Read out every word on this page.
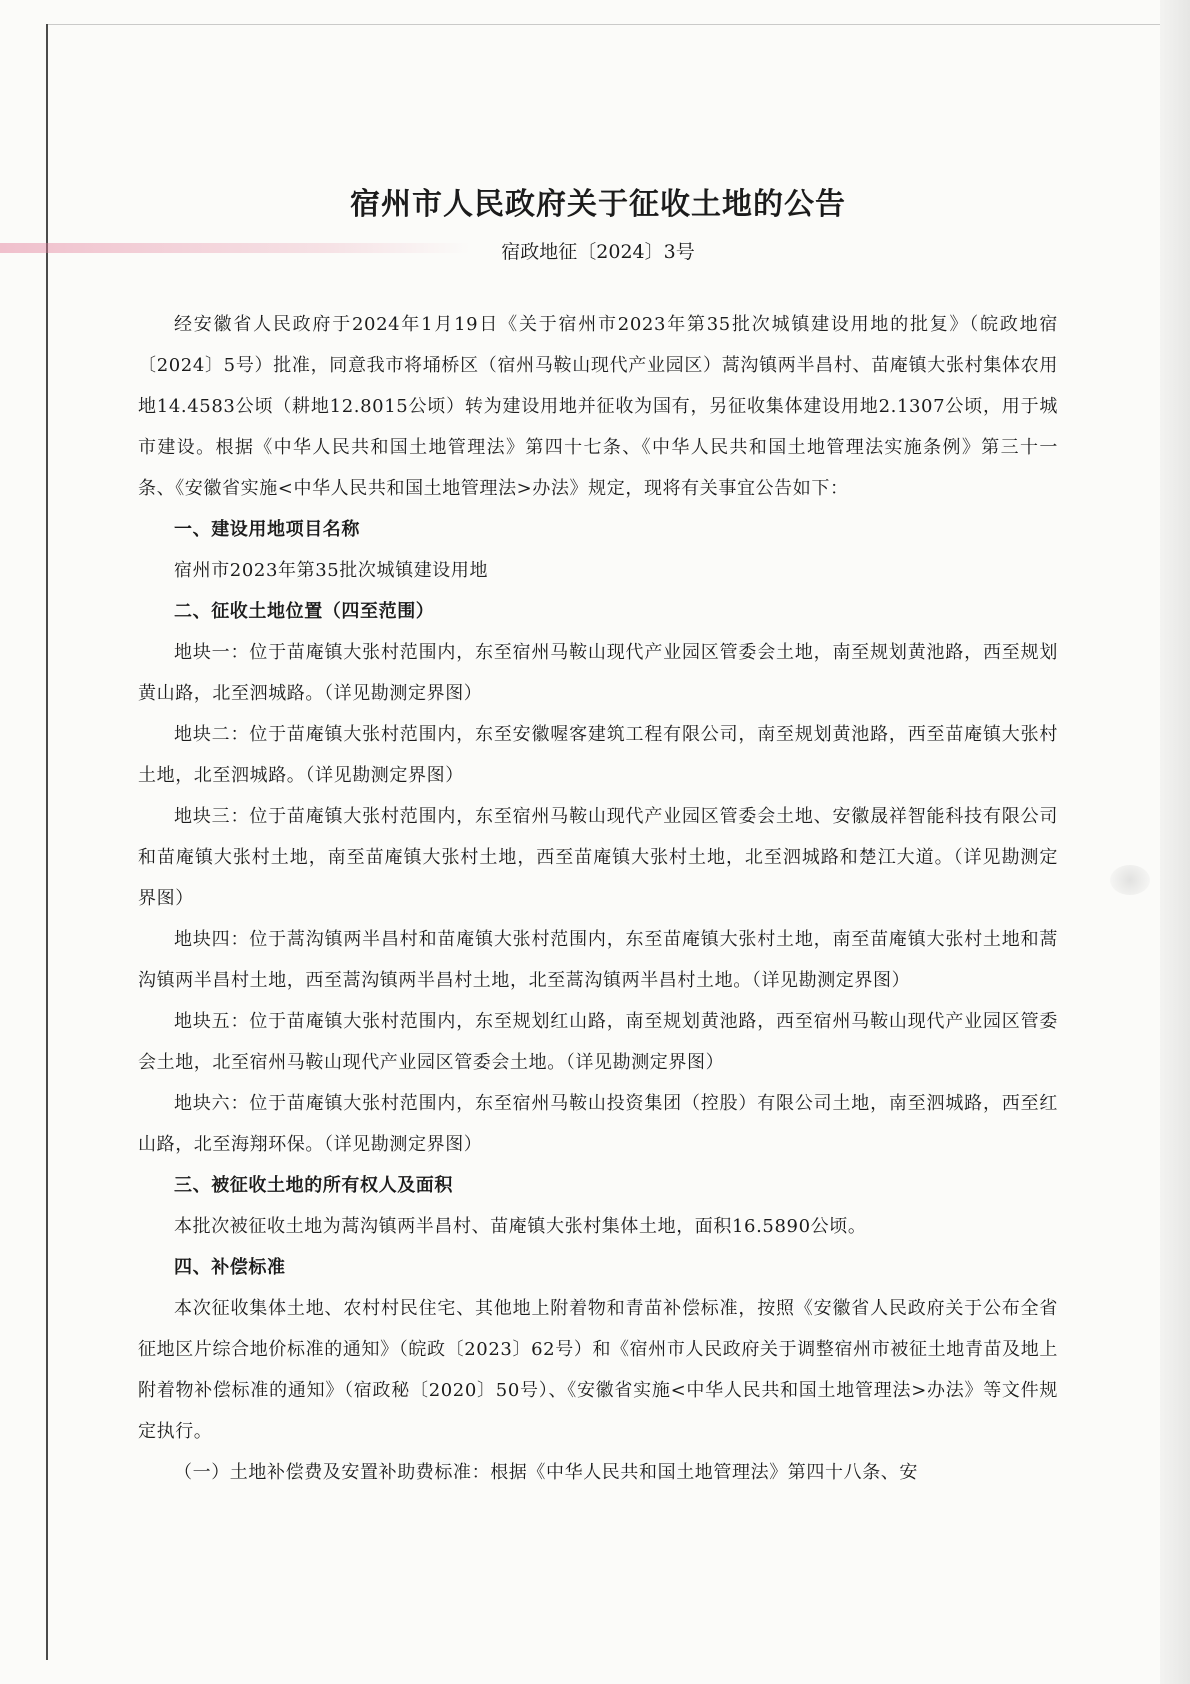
宿州市人民政府关于征收土地的公告
宿政地征〔2024〕3号

经安徽省人民政府于2024年1月19日《关于宿州市2023年第35批次城镇建设用地的批复》（皖政地宿〔2024〕5号）批准，同意我市将埇桥区（宿州马鞍山现代产业园区）蒿沟镇两半昌村、苗庵镇大张村集体农用地14.4583公顷（耕地12.8015公顷）转为建设用地并征收为国有，另征收集体建设用地2.1307公顷，用于城市建设。根据《中华人民共和国土地管理法》第四十七条、《中华人民共和国土地管理法实施条例》第三十一条、《安徽省实施<中华人民共和国土地管理法>办法》规定，现将有关事宜公告如下：

一、建设用地项目名称

宿州市2023年第35批次城镇建设用地

二、征收土地位置（四至范围）

地块一：位于苗庵镇大张村范围内，东至宿州马鞍山现代产业园区管委会土地，南至规划黄池路，西至规划黄山路，北至泗城路。（详见勘测定界图）

地块二：位于苗庵镇大张村范围内，东至安徽喔客建筑工程有限公司，南至规划黄池路，西至苗庵镇大张村土地，北至泗城路。（详见勘测定界图）

地块三：位于苗庵镇大张村范围内，东至宿州马鞍山现代产业园区管委会土地、安徽晟祥智能科技有限公司和苗庵镇大张村土地，南至苗庵镇大张村土地，西至苗庵镇大张村土地，北至泗城路和楚江大道。（详见勘测定界图）

地块四：位于蒿沟镇两半昌村和苗庵镇大张村范围内，东至苗庵镇大张村土地，南至苗庵镇大张村土地和蒿沟镇两半昌村土地，西至蒿沟镇两半昌村土地，北至蒿沟镇两半昌村土地。（详见勘测定界图）

地块五：位于苗庵镇大张村范围内，东至规划红山路，南至规划黄池路，西至宿州马鞍山现代产业园区管委会土地，北至宿州马鞍山现代产业园区管委会土地。（详见勘测定界图）

地块六：位于苗庵镇大张村范围内，东至宿州马鞍山投资集团（控股）有限公司土地，南至泗城路，西至红山路，北至海翔环保。（详见勘测定界图）

三、被征收土地的所有权人及面积

本批次被征收土地为蒿沟镇两半昌村、苗庵镇大张村集体土地，面积16.5890公顷。

四、补偿标准

本次征收集体土地、农村村民住宅、其他地上附着物和青苗补偿标准，按照《安徽省人民政府关于公布全省征地区片综合地价标准的通知》（皖政〔2023〕62号）和《宿州市人民政府关于调整宿州市被征土地青苗及地上附着物补偿标准的通知》（宿政秘〔2020〕50号）、《安徽省实施<中华人民共和国土地管理法>办法》等文件规定执行。

（一）土地补偿费及安置补助费标准：根据《中华人民共和国土地管理法》第四十八条、安
